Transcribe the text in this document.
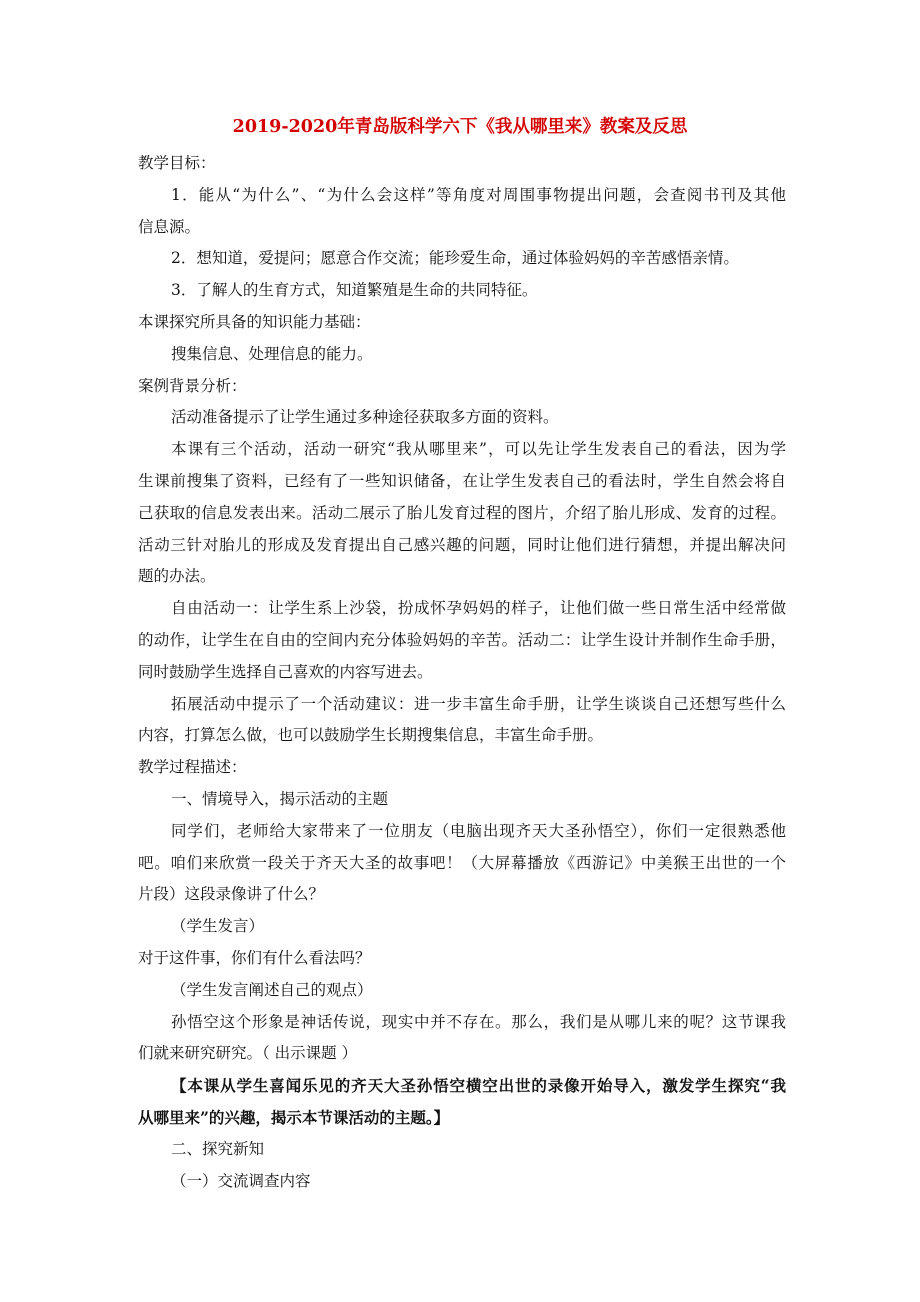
2019-2020年青岛版科学六下《我从哪里来》教案及反思

教学目标：

1．能从“为什么”、“为什么会这样”等角度对周围事物提出问题，会查阅书刊及其他

信息源。

2．想知道，爱提问；愿意合作交流；能珍爱生命，通过体验妈妈的辛苦感悟亲情。

3．了解人的生育方式，知道繁殖是生命的共同特征。

本课探究所具备的知识能力基础：

搜集信息、处理信息的能力。

案例背景分析：

活动准备提示了让学生通过多种途径获取多方面的资料。

本课有三个活动，活动一研究“我从哪里来”，可以先让学生发表自己的看法，因为学

生课前搜集了资料，已经有了一些知识储备，在让学生发表自己的看法时，学生自然会将自

己获取的信息发表出来。活动二展示了胎儿发育过程的图片，介绍了胎儿形成、发育的过程。

活动三针对胎儿的形成及发育提出自己感兴趣的问题，同时让他们进行猜想，并提出解决问

题的办法。

自由活动一：让学生系上沙袋，扮成怀孕妈妈的样子，让他们做一些日常生活中经常做

的动作，让学生在自由的空间内充分体验妈妈的辛苦。活动二：让学生设计并制作生命手册，

同时鼓励学生选择自己喜欢的内容写进去。

拓展活动中提示了一个活动建议：进一步丰富生命手册，让学生谈谈自己还想写些什么

内容，打算怎么做，也可以鼓励学生长期搜集信息，丰富生命手册。

教学过程描述：

一、情境导入，揭示活动的主题

同学们，老师给大家带来了一位朋友（电脑出现齐天大圣孙悟空），你们一定很熟悉他

吧。咱们来欣赏一段关于齐天大圣的故事吧！（大屏幕播放《西游记》中美猴王出世的一个

片段）这段录像讲了什么？

（学生发言）

对于这件事，你们有什么看法吗？

（学生发言阐述自己的观点）

孙悟空这个形象是神话传说，现实中并不存在。那么，我们是从哪儿来的呢？这节课我

们就来研究研究。（ 出示课题 ）

【本课从学生喜闻乐见的齐天大圣孙悟空横空出世的录像开始导入，激发学生探究“我

从哪里来”的兴趣，揭示本节课活动的主题。】

二、探究新知

（一）交流调查内容
